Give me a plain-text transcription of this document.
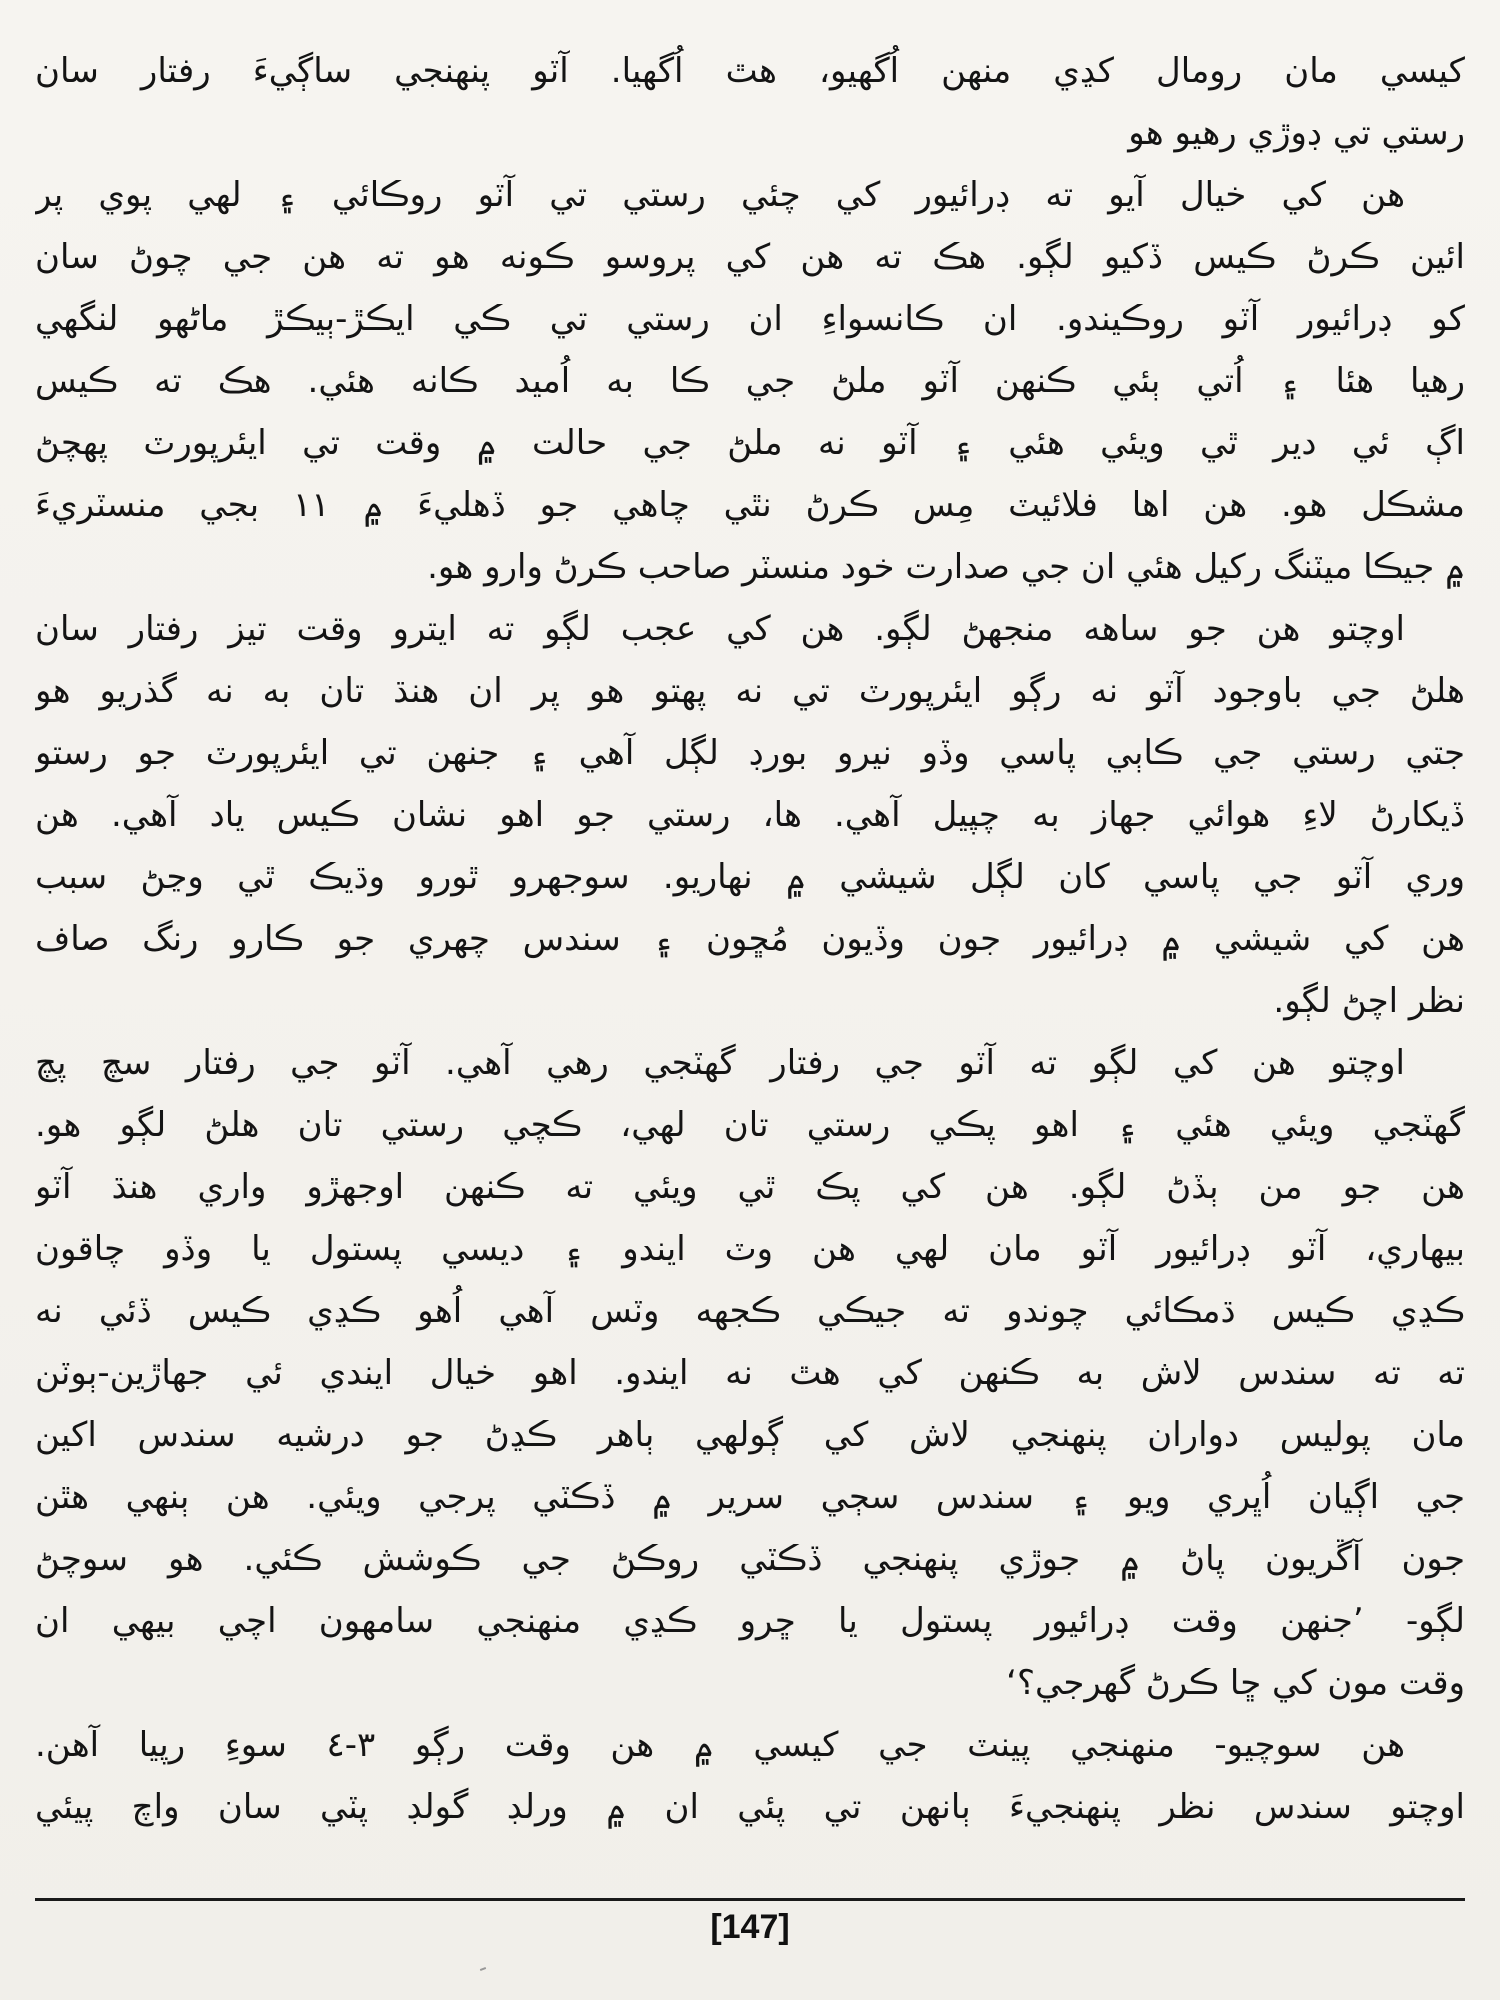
كيسي مان رومال كڍي منهن اُگهيو، هٿ اُگهيا. آٽو پنهنجي ساڳيءَ رفتار سان
رستي تي ڊوڙي رهيو هو
هن کي خيال آيو ته ڊرائيور کي چئي رستي تي آٽو روڪائي ۽ لهي پوي پر
ائين ڪرڻ ڪيس ڏکيو لڳو. هڪ ته هن کي پروسو ڪونه هو ته هن جي چوڻ سان
کو ڊرائيور آٽو روڪيندو. ان ڪانسواءِ ان رستي تي ڪي ايڪڙ-ٻيڪڙ ماڻهو لنگهي
رهيا هئا ۽ اُتي ٻئي ڪنهن آٽو ملڻ جي ڪا به اُميد ڪانه هئي. هڪ ته ڪيس
اڳ ئي دير ٿي ويئي هئي ۽ آٽو نه ملڻ جي حالت ۾ وقت تي ايئرپورٽ پهچڻ
مشڪل هو. هن اها فلائيٽ مِس ڪرڻ نٿي چاهي جو ڏهليءَ ۾ ١١ بجي منسٽريءَ
۾ جيڪا ميٽنگ رکيل هئي ان جي صدارت خود منسٽر صاحب ڪرڻ وارو هو.
اوچتو هن جو ساهه منجهڻ لڳو. هن کي عجب لڳو ته ايترو وقت تيز رفتار سان
هلڻ جي باوجود آٽو نه رڳو ايئرپورٽ تي نه پهتو هو پر ان هنڌ تان به نه گذريو هو
جتي رستي جي ڪاٻي پاسي وڏو نيرو بورڊ لڳل آهي ۽ جنهن تي ايئرپورٽ جو رستو
ڏيکارڻ لاءِ هوائي جهاز به چپيل آهي. ها، رستي جو اهو نشان ڪيس ياد آهي. هن
وري آٽو جي پاسي کان لڳل شيشي ۾ نهاريو. سوجهرو ٿورو وڌيڪ ٿي وڃڻ سبب
هن کي شيشي ۾ ڊرائيور جون وڏيون مُڇون ۽ سندس چهري جو ڪارو رنگ صاف
نظر اچڻ لڳو.
اوچتو هن کي لڳو ته آٽو جي رفتار گهٽجي رهي آهي. آٽو جي رفتار سچ پچ
گهٽجي ويئي هئي ۽ اهو پڪي رستي تان لهي، ڪچي رستي تان هلڻ لڳو هو.
هن جو من ٻڏڻ لڳو. هن کي پڪ ٿي ويئي ته ڪنهن اوجهڙو واري هنڌ آٽو
بيهاري، آٽو ڊرائيور آٽو مان لهي هن وٽ ايندو ۽ ديسي پستول يا وڏو چاقون
ڪڍي ڪيس ڌمڪائي چوندو ته جيڪي ڪجهه وٽس آهي اُهو ڪڍي ڪيس ڏئي نه
ته ته سندس لاش به ڪنهن کي هٿ نه ايندو. اهو خيال ايندي ئي جهاڙين-ٻوٽن
مان پوليس دواران پنهنجي لاش کي ڳولهي ٻاهر ڪڍڻ جو درشيه سندس اکين
جي اڳيان اُڀري ويو ۽ سندس سڄي سرير ۾ ڏڪٽي پرجي ويئي. هن ٻنهي هٿن
جون آڱريون پاڻ ۾ جوڙي پنهنجي ڏڪٽي روڪڻ جي ڪوشش ڪئي. هو سوچڻ
لڳو- ’جنهن وقت ڊرائيور پستول يا ڇرو ڪڍي منهنجي سامهون اچي بيهي ان
وقت مون کي ڇا ڪرڻ گهرجي؟‘
هن سوچيو- منهنجي پينٽ جي کيسي ۾ هن وقت رڳو ٣-٤ سوءِ رپيا آهن.
اوچتو سندس نظر پنهنجيءَ ٻانهن تي پئي ان ۾ ورلڊ گولڊ پٽي سان واچ پيئي
[147]
